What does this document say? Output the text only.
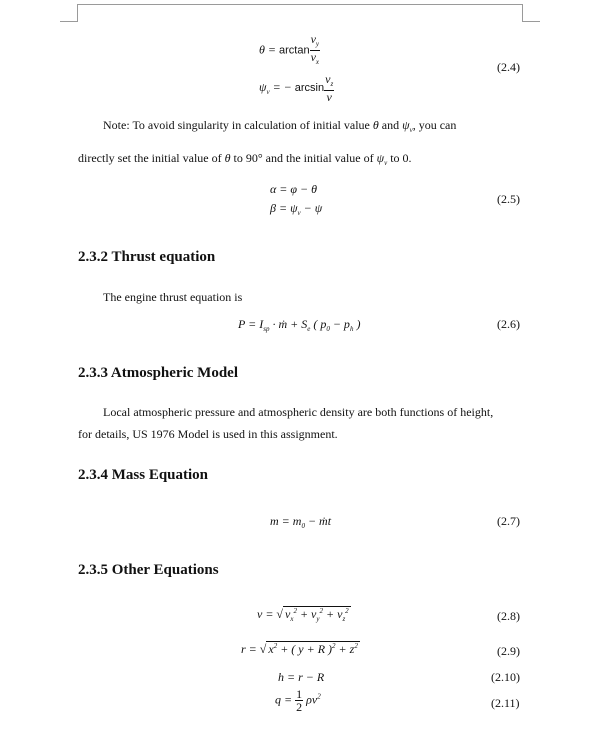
$\theta = \arctan \frac{v_y}{v_x}$
$\psi_v$ = − $\arcsin \frac{v_z}{v}$
(2.4)
Note: To avoid singularity in calculation of initial value θ and $\psi_v$, you can
directly set the initial value of θ to 90° and the initial value of $\psi_v$ to 0.
α = φ − θ
$\beta = \psi_v - \psi$
(2.5)
2.3.2 Thrust equation
The engine thrust equation is
$P = I_{sp}$ · ṁ + $S_e$ ( $p_0 - p_h$ )	(2.6)
2.3.3 Atmospheric Model
Local atmospheric pressure and atmospheric density are both functions of height,
for details, US 1976 Model is used in this assignment.
2.3.4 Mass Equation
$m = m_0$ − ṁt	(2.7)
2.3.5 Other Equations
v = √ $v_x^2 + v_y^2 + v_z^2$	(2.8)
r = √ $x^2$ + ( y + R )$^2 + z^2$	(2.9)
h = r − R	(2.10)
$q = \frac{1}{2} \rho v^2$	(2.11)
